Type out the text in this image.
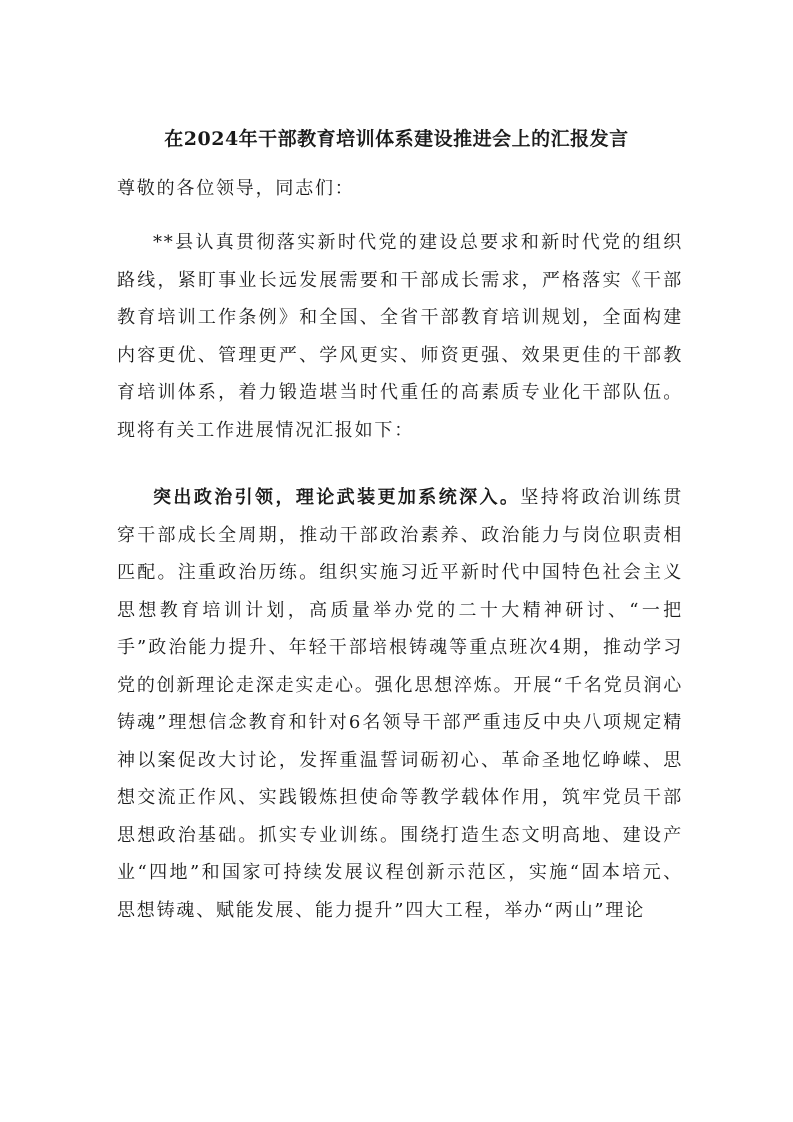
在2024年干部教育培训体系建设推进会上的汇报发言
尊敬的各位领导，同志们：
**县认真贯彻落实新时代党的建设总要求和新时代党的组织路线，紧盯事业长远发展需要和干部成长需求，严格落实《干部教育培训工作条例》和全国、全省干部教育培训规划，全面构建内容更优、管理更严、学风更实、师资更强、效果更佳的干部教育培训体系，着力锻造堪当时代重任的高素质专业化干部队伍。现将有关工作进展情况汇报如下：
突出政治引领，理论武装更加系统深入。坚持将政治训练贯穿干部成长全周期，推动干部政治素养、政治能力与岗位职责相匹配。注重政治历练。组织实施习近平新时代中国特色社会主义思想教育培训计划，高质量举办党的二十大精神研讨、“一把手”政治能力提升、年轻干部培根铸魂等重点班次4期，推动学习党的创新理论走深走实走心。强化思想淬炼。开展“千名党员润心铸魂”理想信念教育和针对6名领导干部严重违反中央八项规定精神以案促改大讨论，发挥重温誓词砺初心、革命圣地忆峥嵘、思想交流正作风、实践锻炼担使命等教学载体作用，筑牢党员干部思想政治基础。抓实专业训练。围绕打造生态文明高地、建设产业“四地”和国家可持续发展议程创新示范区，实施“固本培元、思想铸魂、赋能发展、能力提升”四大工程，举办“两山”理论
